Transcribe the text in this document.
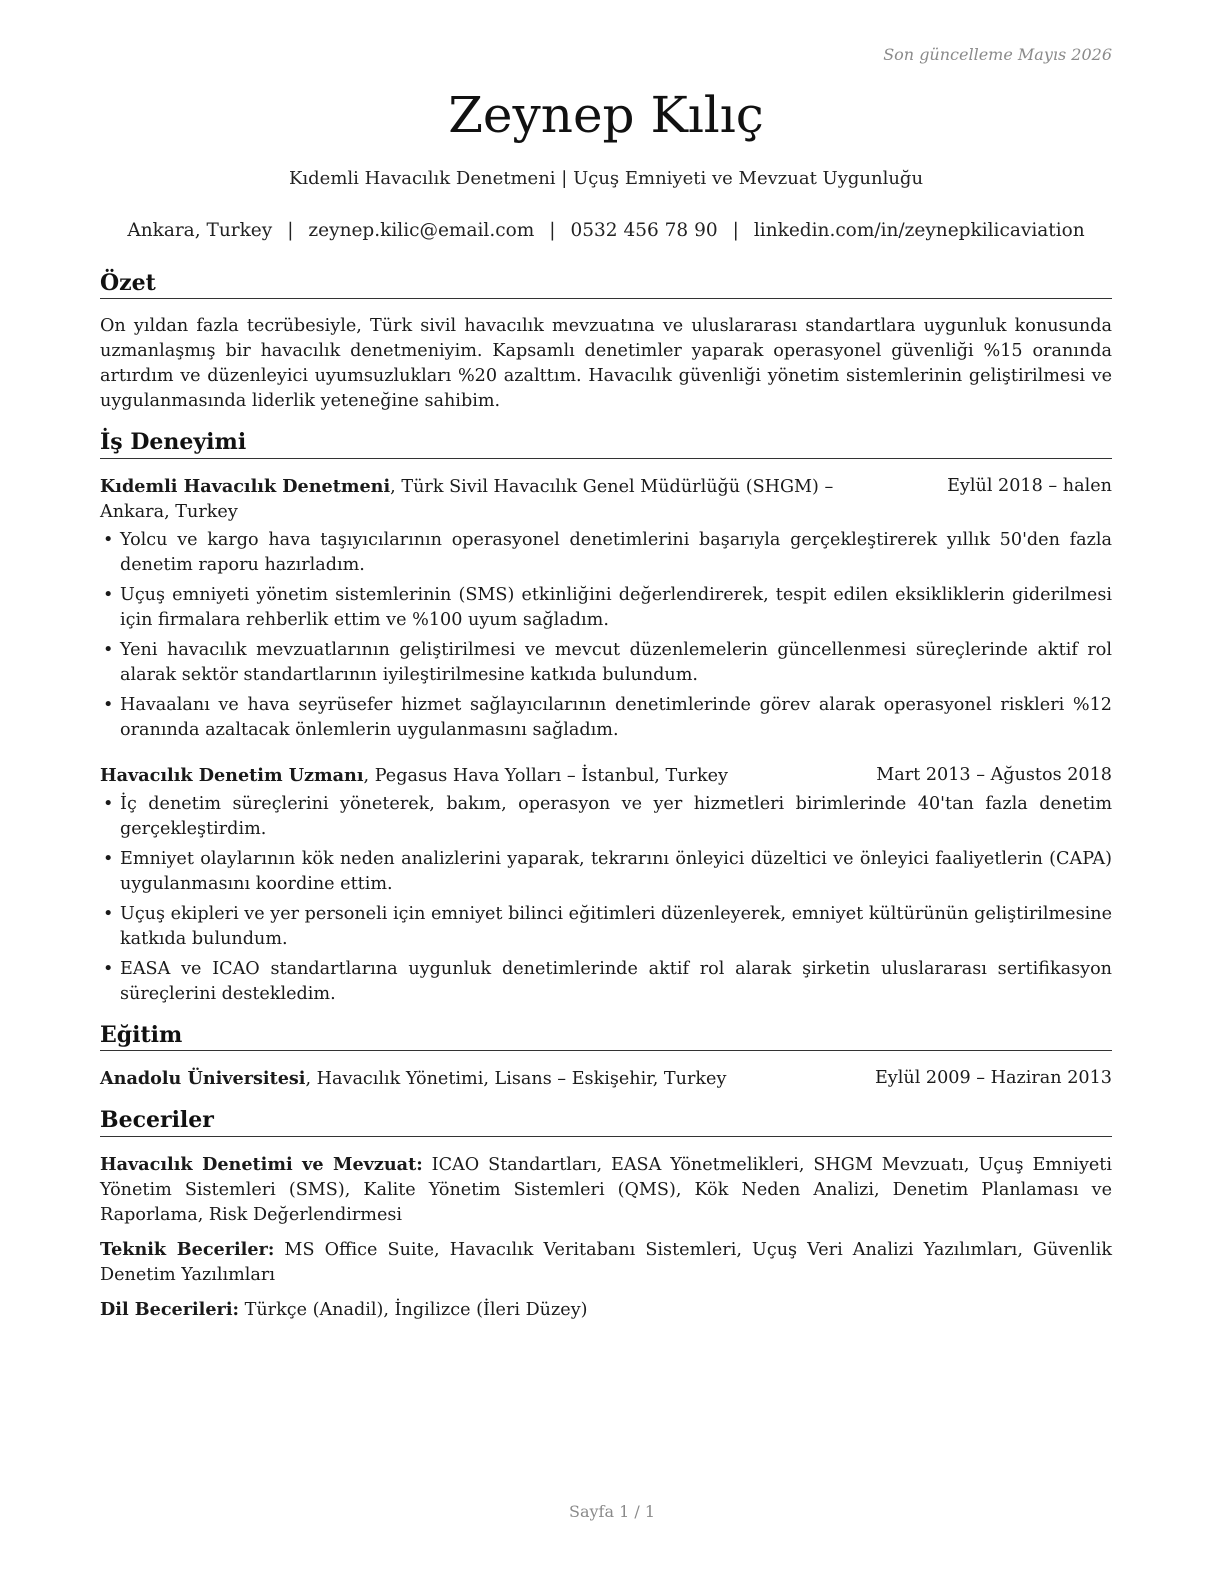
Son güncelleme Mayıs 2026
Zeynep Kılıç
Kıdemli Havacılık Denetmeni | Uçuş Emniyeti ve Mevzuat Uygunluğu
Ankara, Turkey | zeynep.kilic@email.com | 0532 456 78 90 | linkedin.com/in/zeynepkilicaviation
Özet
On yıldan fazla tecrübesiyle, Türk sivil havacılık mevzuatına ve uluslararası standartlara uygunluk konusunda uzmanlaşmış bir havacılık denetmeniyim. Kapsamlı denetimler yaparak operasyonel güvenliği %15 oranında artırdım ve düzenleyici uyumsuzlukları %20 azalttım. Havacılık güvenliği yönetim sistemlerinin geliştirilmesi ve uygulanmasında liderlik yeteneğine sahibim.
İş Deneyimi
Kıdemli Havacılık Denetmeni, Türk Sivil Havacılık Genel Müdürlüğü (SHGM) – Ankara, Turkey
Eylül 2018 – halen
• Yolcu ve kargo hava taşıyıcılarının operasyonel denetimlerini başarıyla gerçekleştirerek yıllık 50'den fazla denetim raporu hazırladım.
• Uçuş emniyeti yönetim sistemlerinin (SMS) etkinliğini değerlendirerek, tespit edilen eksikliklerin giderilmesi için firmalara rehberlik ettim ve %100 uyum sağladım.
• Yeni havacılık mevzuatlarının geliştirilmesi ve mevcut düzenlemelerin güncellenmesi süreçlerinde aktif rol alarak sektör standartlarının iyileştirilmesine katkıda bulundum.
• Havaalanı ve hava seyrüsefer hizmet sağlayıcılarının denetimlerinde görev alarak operasyonel riskleri %12 oranında azaltacak önlemlerin uygulanmasını sağladım.
Havacılık Denetim Uzmanı, Pegasus Hava Yolları – İstanbul, Turkey	Mart 2013 – Ağustos 2018
• İç denetim süreçlerini yöneterek, bakım, operasyon ve yer hizmetleri birimlerinde 40'tan fazla denetim gerçekleştirdim.
• Emniyet olaylarının kök neden analizlerini yaparak, tekrarını önleyici düzeltici ve önleyici faaliyetlerin (CAPA) uygulanmasını koordine ettim.
• Uçuş ekipleri ve yer personeli için emniyet bilinci eğitimleri düzenleyerek, emniyet kültürünün geliştirilmesine katkıda bulundum.
• EASA ve ICAO standartlarına uygunluk denetimlerinde aktif rol alarak şirketin uluslararası sertifikasyon süreçlerini destekledim.
Eğitim
Anadolu Üniversitesi, Havacılık Yönetimi, Lisans – Eskişehir, Turkey	Eylül 2009 – Haziran 2013
Beceriler
Havacılık Denetimi ve Mevzuat: ICAO Standartları, EASA Yönetmelikleri, SHGM Mevzuatı, Uçuş Emniyeti Yönetim Sistemleri (SMS), Kalite Yönetim Sistemleri (QMS), Kök Neden Analizi, Denetim Planlaması ve Raporlama, Risk Değerlendirmesi
Teknik Beceriler: MS Office Suite, Havacılık Veritabanı Sistemleri, Uçuş Veri Analizi Yazılımları, Güvenlik Denetim Yazılımları
Dil Becerileri: Türkçe (Anadil), İngilizce (İleri Düzey)
Sayfa 1 / 1
